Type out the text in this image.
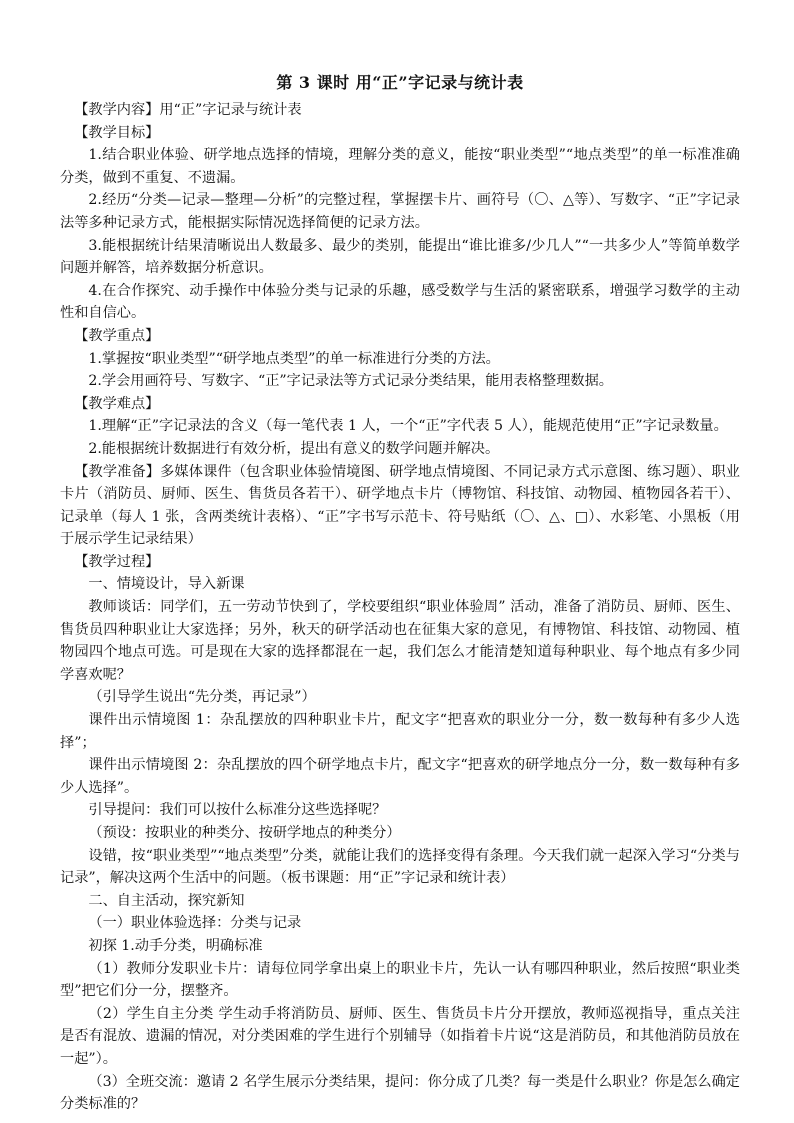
第 3 课时 用“正”字记录与统计表

【教学内容】用“正”字记录与统计表

【教学目标】

1.结合职业体验、研学地点选择的情境，理解分类的意义，能按“职业类型”“地点类型”的单一标准准确分类，做到不重复、不遗漏。

2.经历“分类—记录—整理—分析”的完整过程，掌握摆卡片、画符号（〇、△等）、写数字、“正”字记录法等多种记录方式，能根据实际情况选择简便的记录方法。

3.能根据统计结果清晰说出人数最多、最少的类别，能提出“谁比谁多/少几人”“一共多少人”等简单数学问题并解答，培养数据分析意识。

4.在合作探究、动手操作中体验分类与记录的乐趣，感受数学与生活的紧密联系，增强学习数学的主动性和自信心。

【教学重点】

1.掌握按“职业类型”“研学地点类型”的单一标准进行分类的方法。

2.学会用画符号、写数字、“正”字记录法等方式记录分类结果，能用表格整理数据。

【教学难点】

1.理解“正”字记录法的含义（每一笔代表 1 人，一个“正”字代表 5 人），能规范使用“正”字记录数量。

2.能根据统计数据进行有效分析，提出有意义的数学问题并解决。

【教学准备】多媒体课件（包含职业体验情境图、研学地点情境图、不同记录方式示意图、练习题）、职业卡片（消防员、厨师、医生、售货员各若干）、研学地点卡片（博物馆、科技馆、动物园、植物园各若干）、记录单（每人 1 张，含两类统计表格）、“正”字书写示范卡、符号贴纸（〇、△、□）、水彩笔、小黑板（用于展示学生记录结果）

【教学过程】

一、情境设计，导入新课

教师谈话：同学们，五一劳动节快到了，学校要组织“职业体验周” 活动，准备了消防员、厨师、医生、售货员四种职业让大家选择；另外，秋天的研学活动也在征集大家的意见，有博物馆、科技馆、动物园、植物园四个地点可选。可是现在大家的选择都混在一起，我们怎么才能清楚知道每种职业、每个地点有多少同学喜欢呢？

（引导学生说出“先分类，再记录”）

课件出示情境图 1：杂乱摆放的四种职业卡片，配文字“把喜欢的职业分一分，数一数每种有多少人选择”；

课件出示情境图 2：杂乱摆放的四个研学地点卡片，配文字“把喜欢的研学地点分一分，数一数每种有多少人选择”。

引导提问：我们可以按什么标准分这些选择呢？

（预设：按职业的种类分、按研学地点的种类分）

设错，按“职业类型”“地点类型”分类，就能让我们的选择变得有条理。今天我们就一起深入学习“分类与记录”，解决这两个生活中的问题。（板书课题：用“正”字记录和统计表）

二、自主活动，探究新知

（一）职业体验选择：分类与记录

初探 1.动手分类，明确标准

（1）教师分发职业卡片：请每位同学拿出桌上的职业卡片，先认一认有哪四种职业，然后按照“职业类型”把它们分一分，摆整齐。

（2）学生自主分类 学生动手将消防员、厨师、医生、售货员卡片分开摆放，教师巡视指导，重点关注是否有混放、遗漏的情况，对分类困难的学生进行个别辅导（如指着卡片说“这是消防员，和其他消防员放在一起”）。

（3）全班交流：邀请 2 名学生展示分类结果，提问：你分成了几类？每一类是什么职业？你是怎么确定分类标准的？
